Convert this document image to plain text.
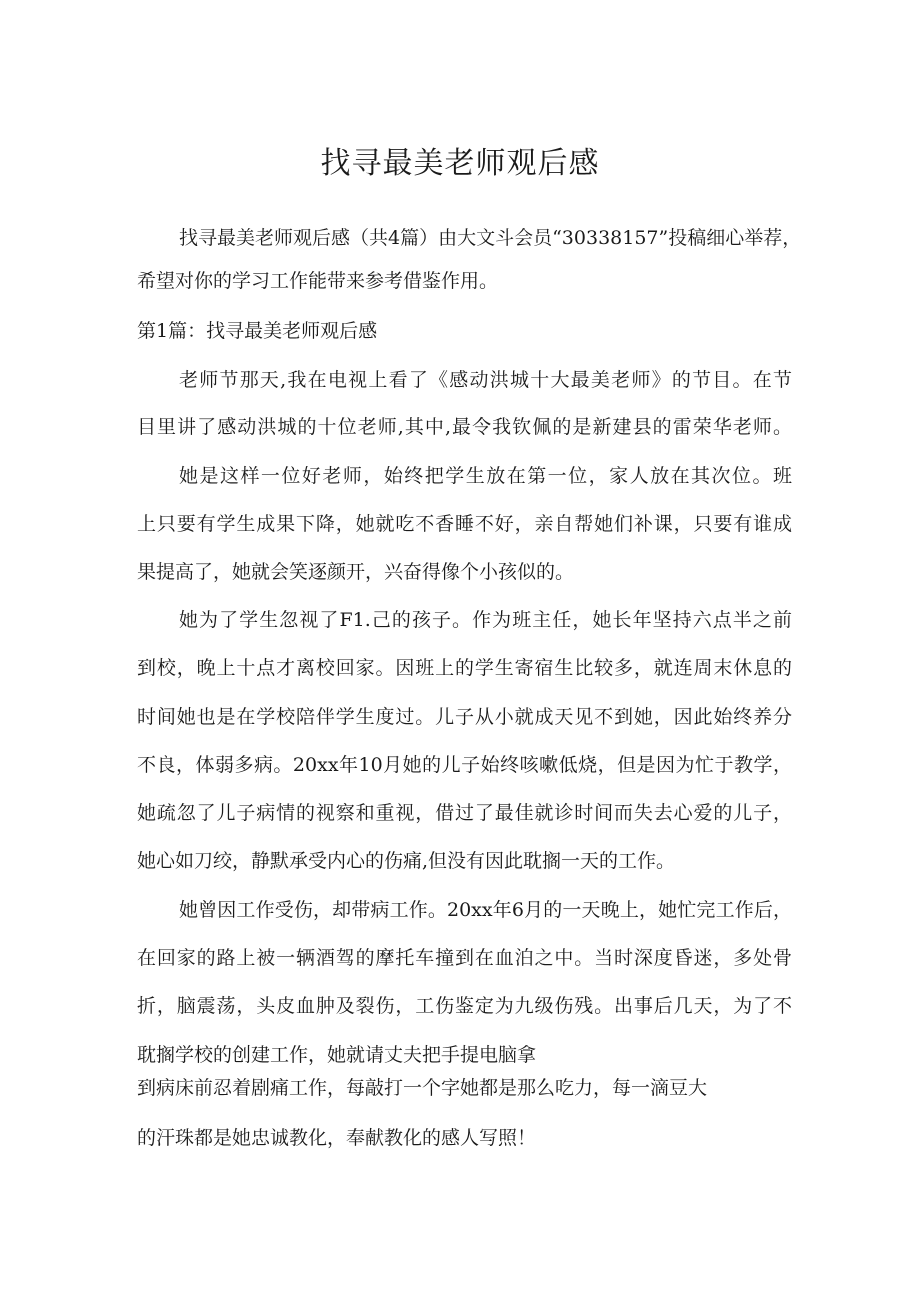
找寻最美老师观后感

找寻最美老师观后感（共4篇）由大文斗会员“30338157”投稿细心举荐，

希望对你的学习工作能带来参考借鉴作用。

第1篇：找寻最美老师观后感

老师节那天,我在电视上看了《感动洪城十大最美老师》的节目。在节

目里讲了感动洪城的十位老师,其中,最令我钦佩的是新建县的雷荣华老师。

她是这样一位好老师，始终把学生放在第一位，家人放在其次位。班

上只要有学生成果下降，她就吃不香睡不好，亲自帮她们补课，只要有谁成

果提高了，她就会笑逐颜开，兴奋得像个小孩似的。

她为了学生忽视了F1.己的孩子。作为班主任，她长年坚持六点半之前

到校，晚上十点才离校回家。因班上的学生寄宿生比较多，就连周末休息的

时间她也是在学校陪伴学生度过。儿子从小就成天见不到她，因此始终养分

不良，体弱多病。20xx年10月她的儿子始终咳嗽低烧，但是因为忙于教学，

她疏忽了儿子病情的视察和重视，借过了最佳就诊时间而失去心爱的儿子，

她心如刀绞，静默承受内心的伤痛,但没有因此耽搁一天的工作。

她曾因工作受伤，却带病工作。20xx年6月的一天晚上，她忙完工作后，

在回家的路上被一辆酒驾的摩托车撞到在血泊之中。当时深度昏迷，多处骨

折，脑震荡，头皮血肿及裂伤，工伤鉴定为九级伤残。出事后几天，为了不

耽搁学校的创建工作，她就请丈夫把手提电脑拿

到病床前忍着剧痛工作，每敲打一个字她都是那么吃力，每一滴豆大

的汗珠都是她忠诚教化，奉献教化的感人写照！
